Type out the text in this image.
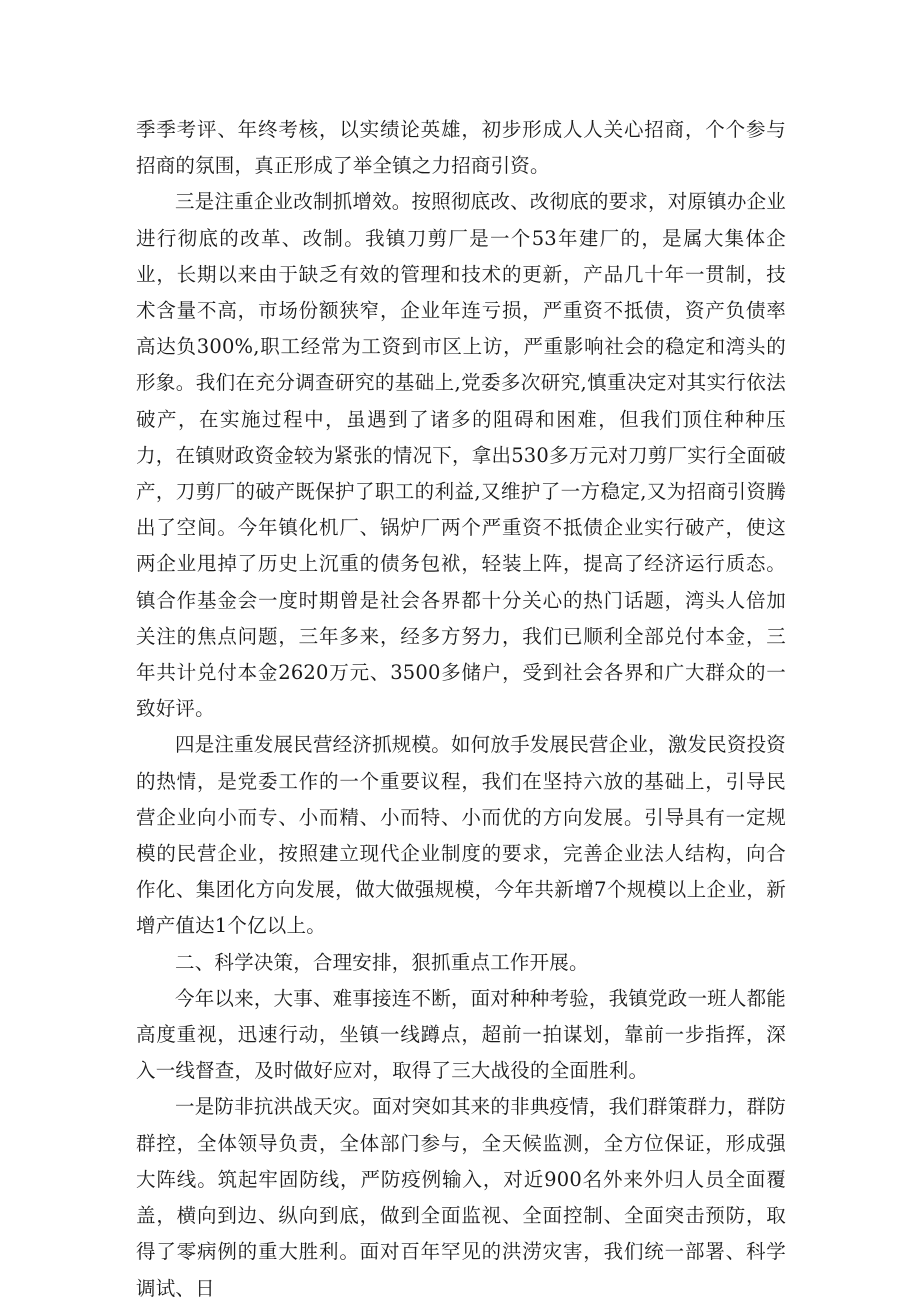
季季考评、年终考核，以实绩论英雄，初步形成人人关心招商，个个参与招商的氛围，真正形成了举全镇之力招商引资。

三是注重企业改制抓增效。按照彻底改、改彻底的要求，对原镇办企业进行彻底的改革、改制。我镇刀剪厂是一个53年建厂的，是属大集体企业，长期以来由于缺乏有效的管理和技术的更新，产品几十年一贯制，技术含量不高，市场份额狭窄，企业年连亏损，严重资不抵债，资产负债率高达负300%,职工经常为工资到市区上访，严重影响社会的稳定和湾头的形象。我们在充分调查研究的基础上,党委多次研究,慎重决定对其实行依法破产，在实施过程中，虽遇到了诸多的阻碍和困难，但我们顶住种种压力，在镇财政资金较为紧张的情况下，拿出530多万元对刀剪厂实行全面破产，刀剪厂的破产既保护了职工的利益,又维护了一方稳定,又为招商引资腾出了空间。今年镇化机厂、锅炉厂两个严重资不抵债企业实行破产，使这两企业甩掉了历史上沉重的债务包袱，轻装上阵，提高了经济运行质态。镇合作基金会一度时期曾是社会各界都十分关心的热门话题，湾头人倍加关注的焦点问题，三年多来，经多方努力，我们已顺利全部兑付本金，三年共计兑付本金2620万元、3500多储户，受到社会各界和广大群众的一致好评。

四是注重发展民营经济抓规模。如何放手发展民营企业，激发民资投资的热情，是党委工作的一个重要议程，我们在坚持六放的基础上，引导民营企业向小而专、小而精、小而特、小而优的方向发展。引导具有一定规模的民营企业，按照建立现代企业制度的要求，完善企业法人结构，向合作化、集团化方向发展，做大做强规模，今年共新增7个规模以上企业，新增产值达1个亿以上。

二、科学决策，合理安排，狠抓重点工作开展。

今年以来，大事、难事接连不断，面对种种考验，我镇党政一班人都能高度重视，迅速行动，坐镇一线蹲点，超前一拍谋划，靠前一步指挥，深入一线督查，及时做好应对，取得了三大战役的全面胜利。

一是防非抗洪战天灾。面对突如其来的非典疫情，我们群策群力，群防群控，全体领导负责，全体部门参与，全天候监测，全方位保证，形成强大阵线。筑起牢固防线，严防疫例输入，对近900名外来外归人员全面覆盖，横向到边、纵向到底，做到全面监视、全面控制、全面突击预防，取得了零病例的重大胜利。面对百年罕见的洪涝灾害，我们统一部署、科学调试、日
